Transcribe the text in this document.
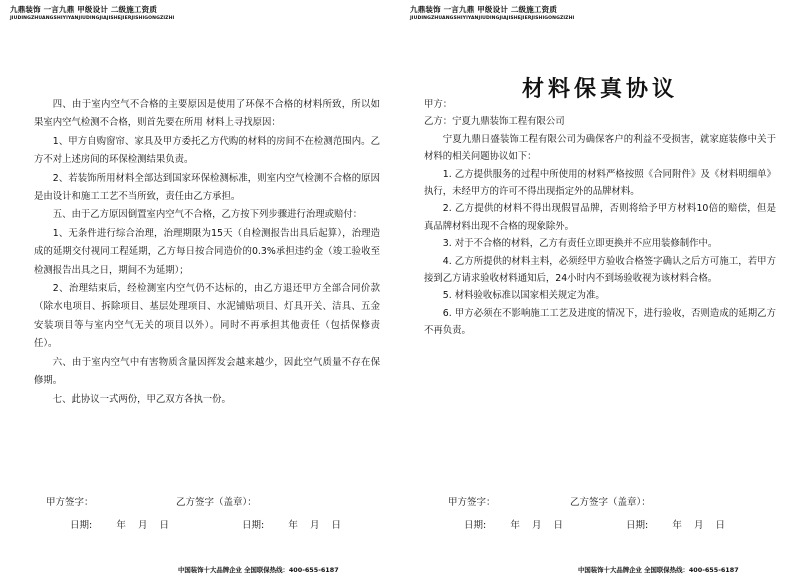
九鼎装饰 一言九鼎 甲级设计 二级施工资质
JIUDINGZHUANGSHIYIYANJIUDINGJIAJISHEJIERJISHIGONGZIZHI

四、由于室内空气不合格的主要原因是使用了环保不合格的材料所致，所以如果室内空气检测不合格，则首先要在所用 材料上寻找原因：

1、甲方自购窗帘、家具及甲方委托乙方代购的材料的房间不在检测范围内。乙方不对上述房间的环保检测结果负责。

2、若装饰所用材料全部达到国家环保检测标准，则室内空气检测不合格的原因是由设计和施工工艺不当所致，责任由乙方承担。

五、由于乙方原因倒置室内空气不合格，乙方按下列步骤进行治理或赔付：

1、无条件进行综合治理，治理期限为15天（自检测报告出具后起算），治理造成的延期交付视同工程延期，乙方每日按合同造价的0.3%承担违约金（竣工验收至检测报告出具之日，期间不为延期）；

2、治理结束后，经检测室内空气仍不达标的，由乙方退还甲方全部合同价款（除水电项目、拆除项目、基层处理项目、水泥铺贴项目、灯具开关、洁具、五金安装项目等与室内空气无关的项目以外）。同时不再承担其他责任（包括保修责任）。

六、由于室内空气中有害物质含量因挥发会越来越少，因此空气质量不存在保修期。

七、此协议一式两份，甲乙双方各执一份。

甲方签字：	乙方签字（盖章）：
日期:        年    月    日	日期:        年    月    日
中国装饰十大品牌企业 全国联保热线：400-655-6187
九鼎装饰 一言九鼎 甲级设计 二级施工资质
JIUDINGZHUANGSHIYIYANJIUDINGJIAJISHEJIERJISHIGONGZIZHI
材料保真协议

甲方：

乙方：宁夏九鼎装饰工程有限公司

宁夏九鼎日盛装饰工程有限公司为确保客户的利益不受损害，就家庭装修中关于材料的相关问题协议如下：

1. 乙方提供服务的过程中所使用的材料严格按照《合同附件》及《材料明细单》执行，未经甲方的许可不得出现指定外的品牌材料。

2. 乙方提供的材料不得出现假冒品牌，否则将给予甲方材料10倍的赔偿，但是真品牌材料出现不合格的现象除外。

3. 对于不合格的材料，乙方有责任立即更换并不应用装修制作中。

4. 乙方所提供的材料主料，必须经甲方验收合格签字确认之后方可施工，若甲方接到乙方请求验收材料通知后，24小时内不到场验收视为该材料合格。

5. 材料验收标准以国家相关规定为准。

6. 甲方必须在不影响施工工艺及进度的情况下，进行验收，否则造成的延期乙方不再负责。

甲方签字：	乙方签字（盖章）：
日期:        年    月    日	日期:        年    月    日
中国装饰十大品牌企业 全国联保热线：400-655-6187
